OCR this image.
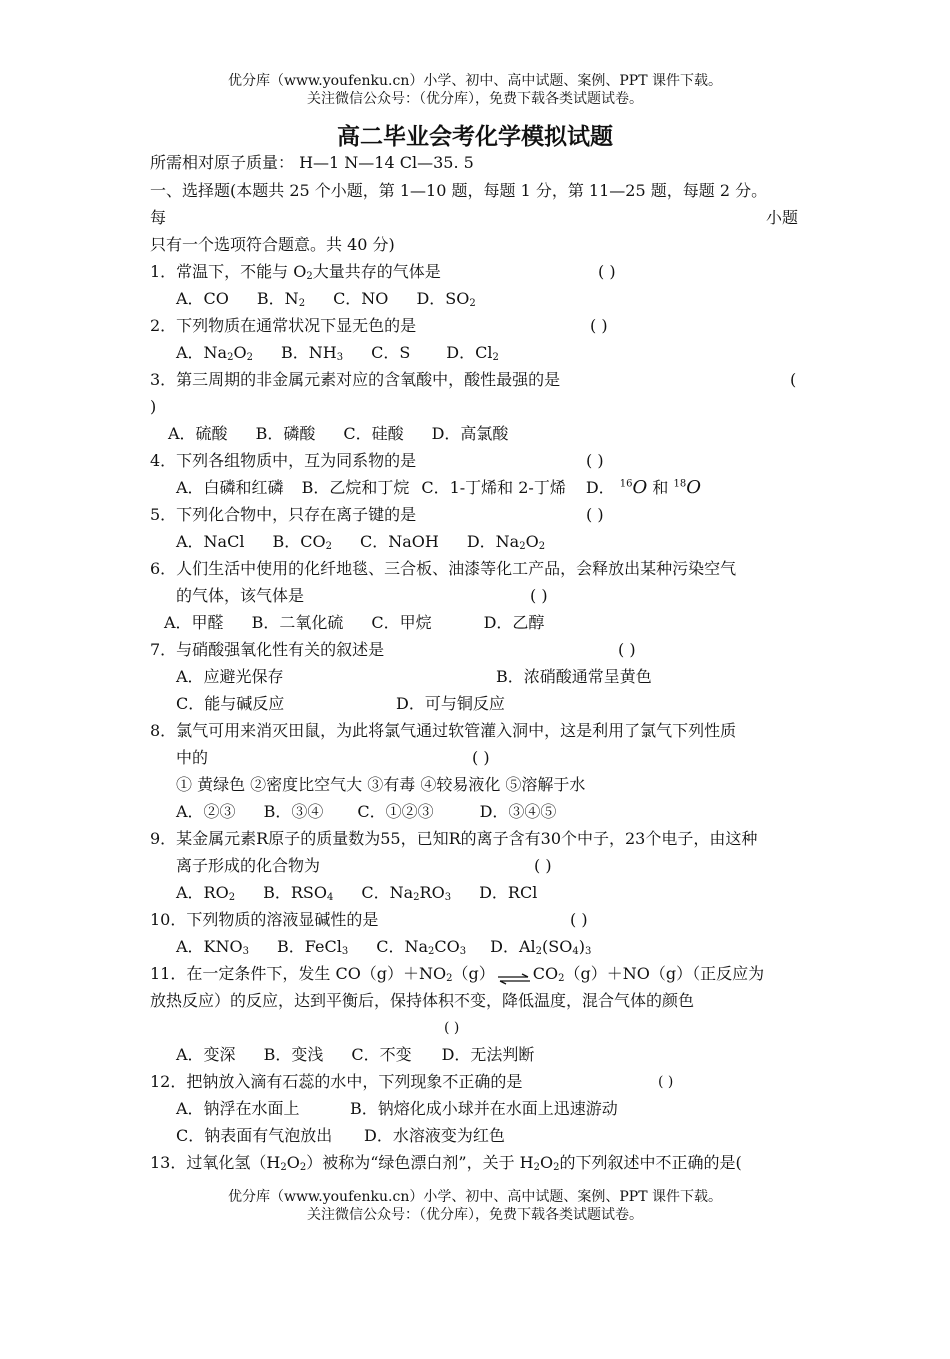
优分库（www.youfenku.cn）小学、初中、高中试题、案例、PPT 课件下载。
关注微信公众号：（优分库），免费下载各类试题试卷。
高二毕业会考化学模拟试题
所需相对原子质量： H—1 N—14 Cl—35. 5
一、选择题(本题共 25 个小题，第 1—10 题，每题 1 分，第 11—25 题，每题 2 分。
每	小题
只有一个选项符合题意。共 40 分)
1．常温下，不能与 $O_2$大量共存的气体是	( )
A．CO B．$N_2$ C．NO D．$SO_2$
2．下列物质在通常状况下显无色的是	( )
A．$Na_2O_2$ B．$NH_3$ C．S D．$Cl_2$
3．第三周期的非金属元素对应的含氧酸中，酸性最强的是	(
)
A．硫酸 B．磷酸 C．硅酸 D．高氯酸
4．下列各组物质中，互为同系物的是	( )
A．白磷和红磷 B．乙烷和丁烷 C．1-丁烯和 2-丁烯 D． $^{16}$O 和 $^{18}$O
5．下列化合物中，只存在离子键的是	( )
A．NaCl B．$CO_2$ C．NaOH D．$Na_2O_2$
6．人们生活中使用的化纤地毯、三合板、油漆等化工产品，会释放出某种污染空气
的气体，该气体是	( )
A．甲醛 B．二氧化硫 C．甲烷	D．乙醇
7．与硝酸强氧化性有关的叙述是	( )
A．应避光保存	B．浓硝酸通常呈黄色
C．能与碱反应	D．可与铜反应
8．氯气可用来消灭田鼠，为此将氯气通过软管灌入洞中，这是利用了氯气下列性质
中的	( )
① 黄绿色 ②密度比空气大 ③有毒 ④较易液化 ⑤溶解于水
A．②③ B．③④ C．①②③	D．③④⑤
9．某金属元素R原子的质量数为55，已知R的离子含有30个中子，23个电子，由这种
离子形成的化合物为	( )
A．$RO_2$ B．$RSO_4$ C．$Na_2RO_3$ D．RCl
10．下列物质的溶液显碱性的是	( )
A．$KNO_3$ B．FeCl$_3$ C．$Na_2CO_3$ D．$Al_2(SO_4)_3$
11．在一定条件下，发生 $CO(g)+NO_2(g)$ ⇌ $CO_2(g)+NO(g)$（正反应为
放热反应）的反应，达到平衡后，保持体积不变，降低温度，混合气体的颜色
( )
A．变深 B．变浅 C．不变 D．无法判断
12．把钠放入滴有石蕊的水中，下列现象不正确的是	( )
A．钠浮在水面上	B．钠熔化成小球并在水面上迅速游动
C．钠表面有气泡放出 D．水溶液变为红色
13．过氧化氢$(H_2O_2)$被称为“绿色漂白剂”，关于 $H_2O_2$的下列叙述中不正确的是(
优分库（www.youfenku.cn）小学、初中、高中试题、案例、PPT 课件下载。
关注微信公众号：（优分库），免费下载各类试题试卷。
